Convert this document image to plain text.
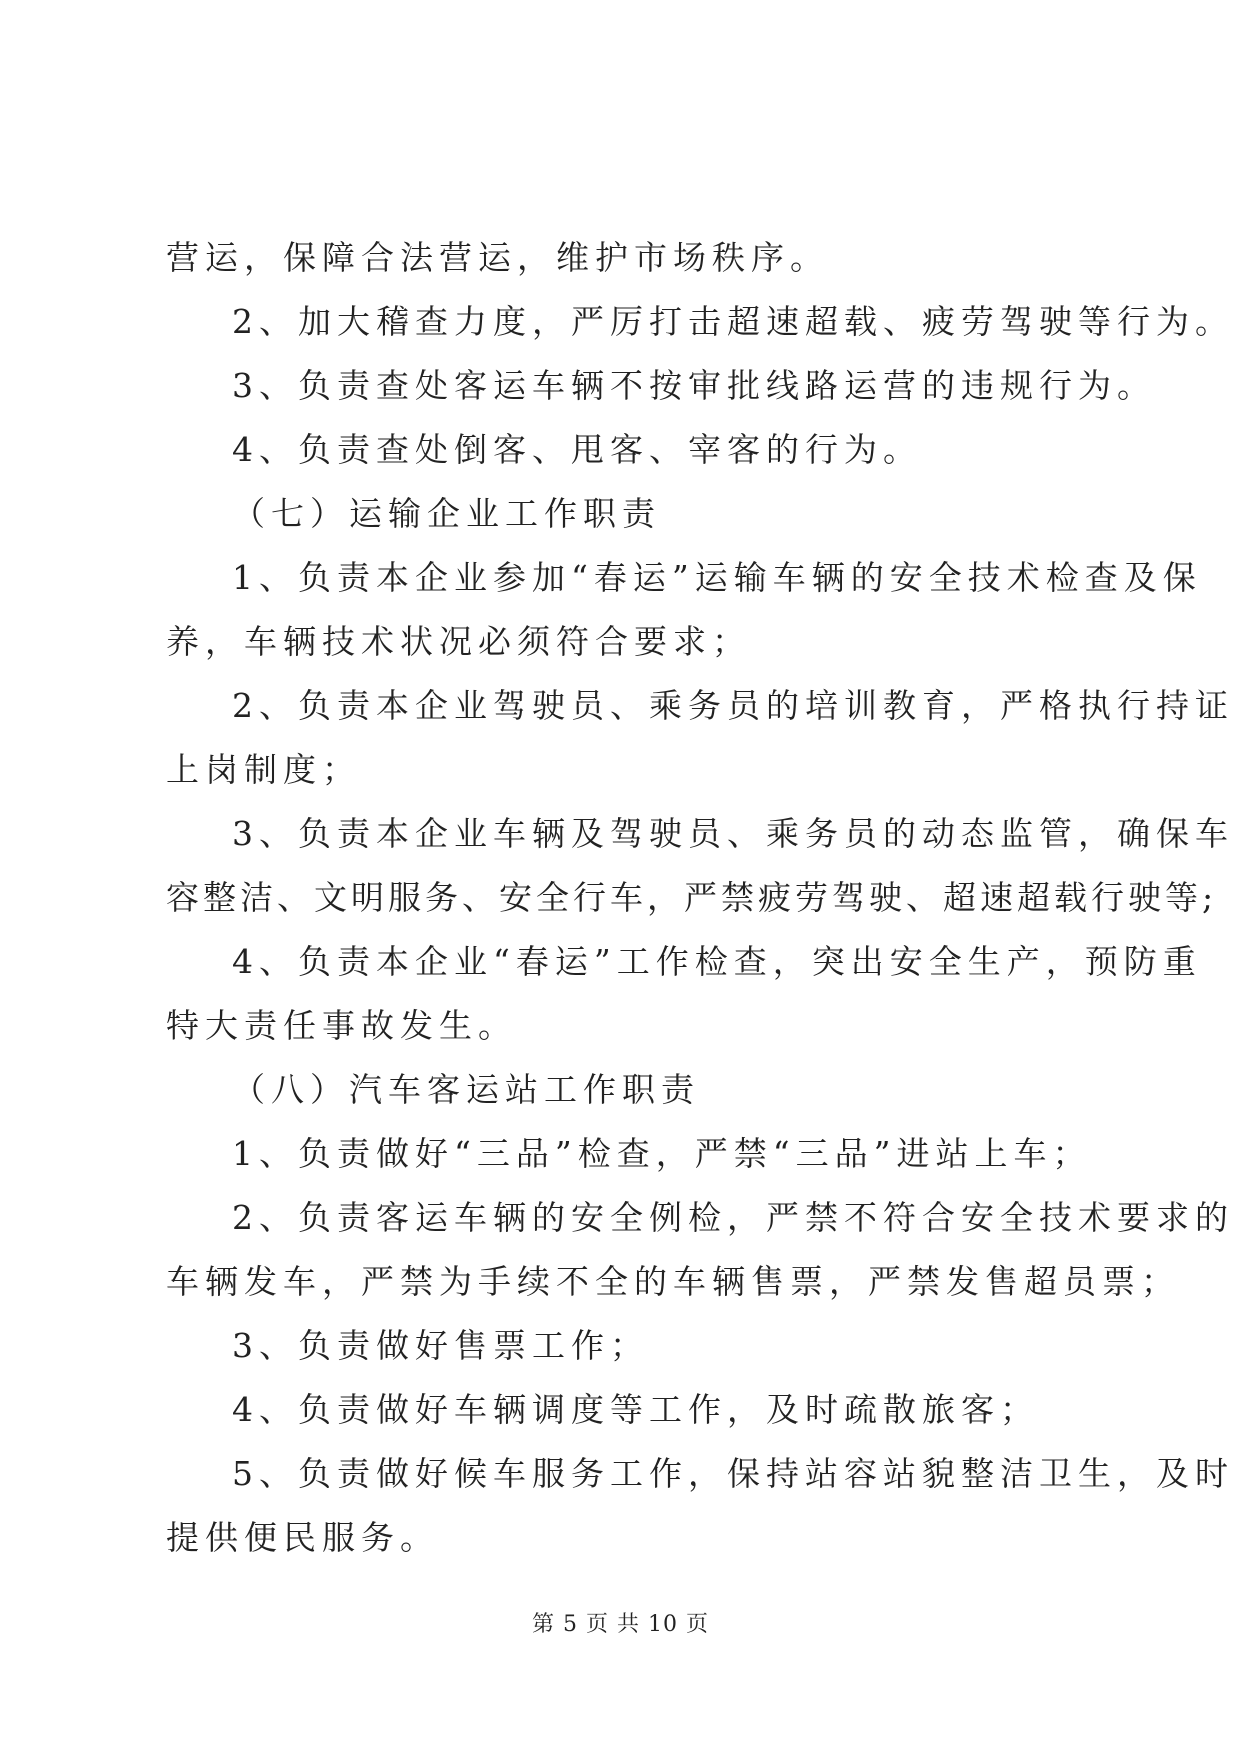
营运，保障合法营运，维护市场秩序。
2、加大稽查力度，严厉打击超速超载、疲劳驾驶等行为。
3、负责查处客运车辆不按审批线路运营的违规行为。
4、负责查处倒客、甩客、宰客的行为。
（七）运输企业工作职责
1、负责本企业参加“春运”运输车辆的安全技术检查及保
养，车辆技术状况必须符合要求；
2、负责本企业驾驶员、乘务员的培训教育，严格执行持证
上岗制度；
3、负责本企业车辆及驾驶员、乘务员的动态监管，确保车
容整洁、文明服务、安全行车，严禁疲劳驾驶、超速超载行驶等;
4、负责本企业“春运”工作检查，突出安全生产，预防重
特大责任事故发生。
（八）汽车客运站工作职责
1、负责做好“三品”检查，严禁“三品”进站上车；
2、负责客运车辆的安全例检，严禁不符合安全技术要求的
车辆发车，严禁为手续不全的车辆售票，严禁发售超员票；
3、负责做好售票工作；
4、负责做好车辆调度等工作，及时疏散旅客；
5、负责做好候车服务工作，保持站容站貌整洁卫生，及时
提供便民服务。
第 5 页 共 10 页
